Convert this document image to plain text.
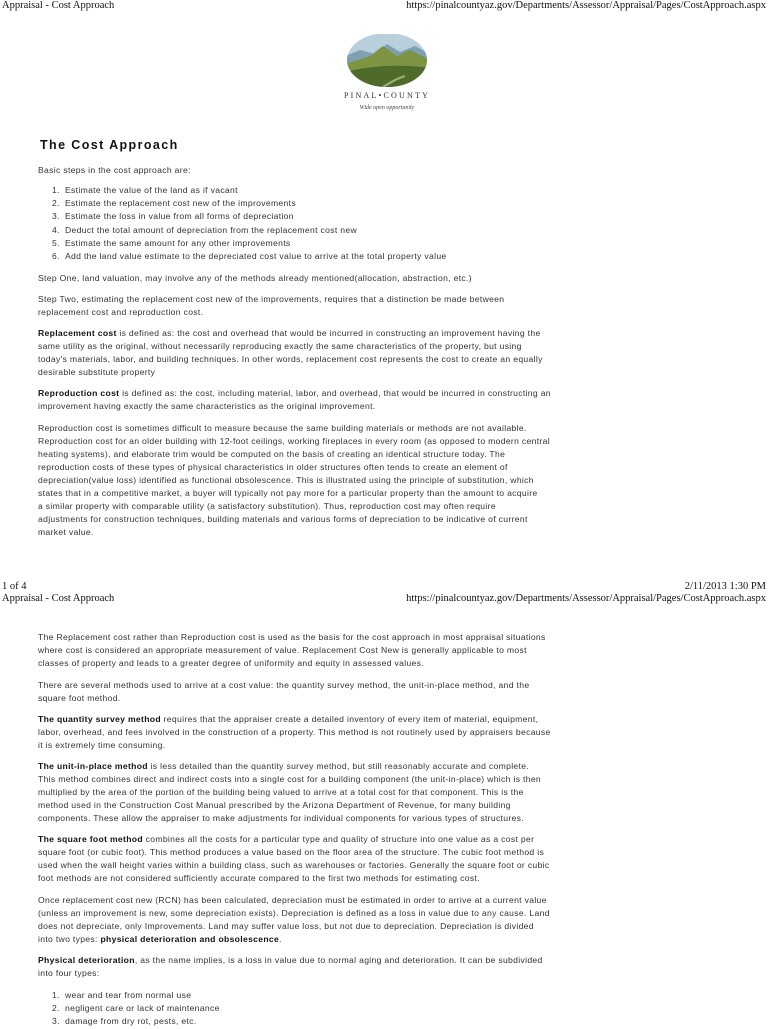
Appraisal - Cost Approach	https://pinalcountyaz.gov/Departments/Assessor/Appraisal/Pages/CostApproach.aspx
PINAL•COUNTY
Wide open opportunity
The Cost Approach
Basic steps in the cost approach are:
1. Estimate the value of the land as if vacant
2. Estimate the replacement cost new of the improvements
3. Estimate the loss in value from all forms of depreciation
4. Deduct the total amount of depreciation from the replacement cost new
5. Estimate the same amount for any other improvements
6. Add the land value estimate to the depreciated cost value to arrive at the total property value
Step One, land valuation, may involve any of the methods already mentioned(allocation, abstraction, etc.)
Step Two, estimating the replacement cost new of the improvements, requires that a distinction be made between
replacement cost and reproduction cost.
Replacement cost is defined as: the cost and overhead that would be incurred in constructing an improvement having the
same utility as the original, without necessarily reproducing exactly the same characteristics of the property, but using
today's materials, labor, and building techniques. In other words, replacement cost represents the cost to create an equally
desirable substitute property
Reproduction cost is defined as: the cost, including material, labor, and overhead, that would be incurred in constructing an
improvement having exactly the same characteristics as the original improvement.
Reproduction cost is sometimes difficult to measure because the same building materials or methods are not available.
Reproduction cost for an older building with 12-foot ceilings, working fireplaces in every room (as opposed to modern central
heating systems), and elaborate trim would be computed on the basis of creating an identical structure today. The
reproduction costs of these types of physical characteristics in older structures often tends to create an element of
depreciation(value loss) identified as functional obsolescence. This is illustrated using the principle of substitution, which
states that in a competitive market, a buyer will typically not pay more for a particular property than the amount to acquire
a similar property with comparable utility (a satisfactory substitution). Thus, reproduction cost may often require
adjustments for construction techniques, building materials and various forms of depreciation to be indicative of current
market value.
1 of 4	2/11/2013 1:30 PM
Appraisal - Cost Approach	https://pinalcountyaz.gov/Departments/Assessor/Appraisal/Pages/CostApproach.aspx
The Replacement cost rather than Reproduction cost is used as the basis for the cost approach in most appraisal situations
where cost is considered an appropriate measurement of value. Replacement Cost New is generally applicable to most
classes of property and leads to a greater degree of uniformity and equity in assessed values.
There are several methods used to arrive at a cost value: the quantity survey method, the unit-in-place method, and the
square foot method.
The quantity survey method requires that the appraiser create a detailed inventory of every item of material, equipment,
labor, overhead, and fees involved in the construction of a property. This method is not routinely used by appraisers because
it is extremely time consuming.
The unit-in-place method is less detailed than the quantity survey method, but still reasonably accurate and complete.
This method combines direct and indirect costs into a single cost for a building component (the unit-in-place) which is then
multiplied by the area of the portion of the building being valued to arrive at a total cost for that component. This is the
method used in the Construction Cost Manual prescribed by the Arizona Department of Revenue, for many building
components. These allow the appraiser to make adjustments for individual components for various types of structures.
The square foot method combines all the costs for a particular type and quality of structure into one value as a cost per
square foot (or cubic foot). This method produces a value based on the floor area of the structure. The cubic foot method is
used when the wall height varies within a building class, such as warehouses or factories. Generally the square foot or cubic
foot methods are not considered sufficiently accurate compared to the first two methods for estimating cost.
Once replacement cost new (RCN) has been calculated, depreciation must be estimated in order to arrive at a current value
(unless an improvement is new, some depreciation exists). Depreciation is defined as a loss in value due to any cause. Land
does not depreciate, only Improvements. Land may suffer value loss, but not due to depreciation. Depreciation is divided
into two types: physical deterioration and obsolescence.
Physical deterioration, as the name implies, is a loss in value due to normal aging and deterioration. It can be subdivided
into four types:
1. wear and tear from normal use
2. negligent care or lack of maintenance
3. damage from dry rot, pests, etc.
